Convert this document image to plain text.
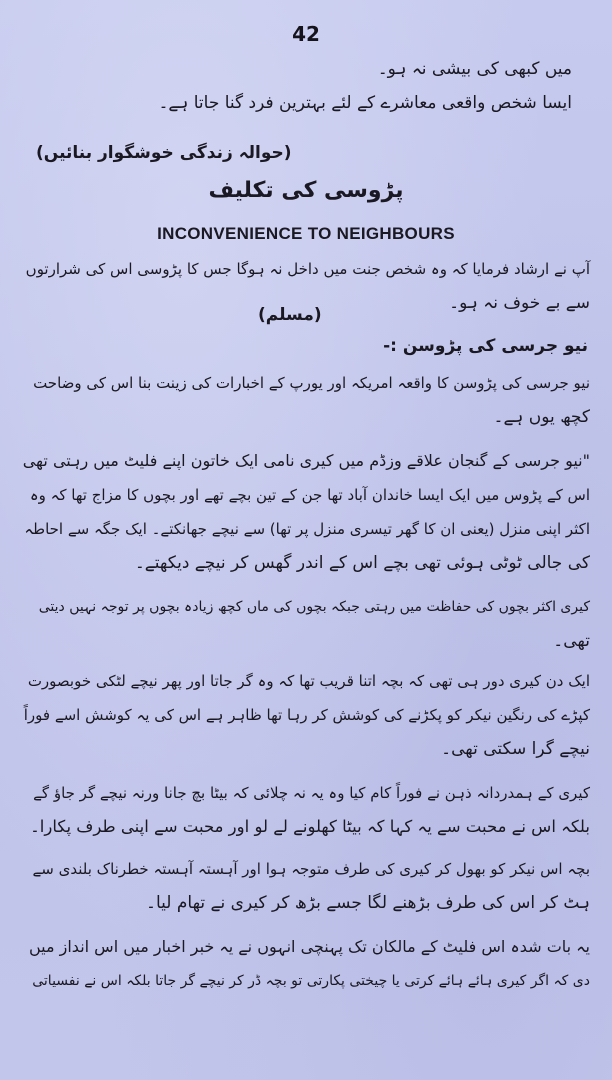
42
میں کبھی کی بیشی نہ ہو۔
ایسا شخص واقعی معاشرے کے لئے بہترین فرد گنا جاتا ہے۔
(حوالہ زندگی خوشگوار بنائیں)
پڑوسی کی تکلیف
INCONVENIENCE TO NEIGHBOURS
آپ نے ارشاد فرمایا کہ وہ شخص جنت میں داخل نہ ہوگا جس کا پڑوسی اس کی شرارتوں
سے بے خوف نہ ہو۔
(مسلم)
نیو جرسی کی پڑوسن :-
نیو جرسی کی پڑوسن کا واقعہ امریکہ اور یورپ کے اخبارات کی زینت بنا اس کی وضاحت
کچھ یوں ہے۔
"نیو جرسی کے گنجان علاقے وزڈم میں کیری نامی ایک خاتون اپنے فلیٹ میں رہتی تھی
اس کے پڑوس میں ایک ایسا خاندان آباد تھا جن کے تین بچے تھے اور بچوں کا مزاج تھا کہ وہ
اکثر اپنی منزل (یعنی ان کا گھر تیسری منزل پر تھا) سے نیچے جھانکتے۔ ایک جگہ سے احاطہ
کی جالی ٹوٹی ہوئی تھی بچے اس کے اندر گھس کر نیچے دیکھتے۔
کیری اکثر بچوں کی حفاظت میں رہتی جبکہ بچوں کی ماں کچھ زیادہ بچوں پر توجہ نہیں دیتی
تھی۔
ایک دن کیری دور ہی تھی کہ بچہ اتنا قریب تھا کہ وہ گر جاتا اور پھر نیچے لٹکی خوبصورت
کپڑے کی رنگین نیکر کو پکڑنے کی کوشش کر رہا تھا ظاہر ہے اس کی یہ کوشش اسے فوراً
نیچے گرا سکتی تھی۔
کیری کے ہمدردانہ ذہن نے فوراً کام کیا وہ یہ نہ چلائی کہ بیٹا بچ جانا ورنہ نیچے گر جاؤ گے
بلکہ اس نے محبت سے یہ کہا کہ بیٹا کھلونے لے لو اور محبت سے اپنی طرف پکارا۔
بچہ اس نیکر کو بھول کر کیری کی طرف متوجہ ہوا اور آہستہ آہستہ خطرناک بلندی سے
ہٹ کر اس کی طرف بڑھنے لگا جسے بڑھ کر کیری نے تھام لیا۔
یہ بات شدہ اس فلیٹ کے مالکان تک پہنچی انہوں نے یہ خبر اخبار میں اس انداز میں
دی کہ اگر کیری ہائے ہائے کرتی یا چیختی پکارتی تو بچہ ڈر کر نیچے گر جاتا بلکہ اس نے نفسیاتی
